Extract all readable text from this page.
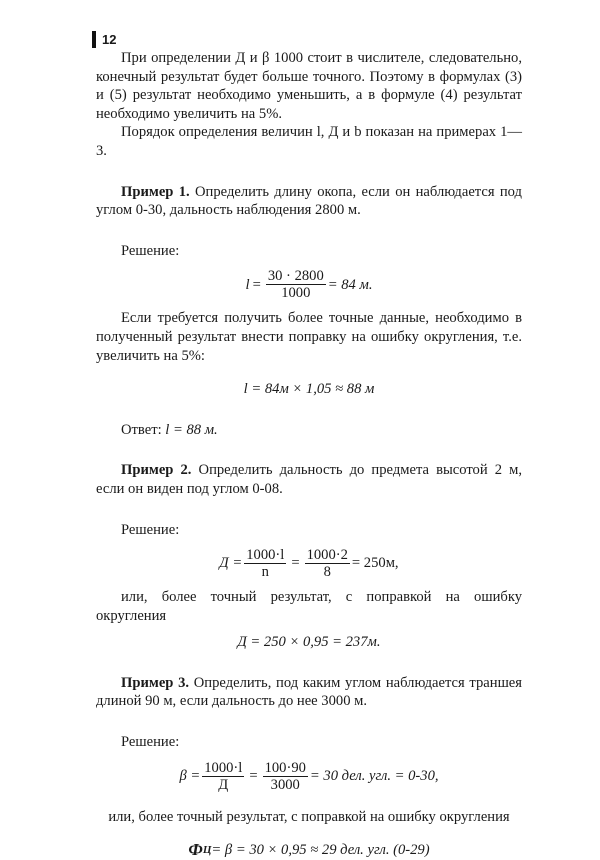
12

При определении Д и β 1000 стоит в числителе, следовательно, конечный результат будет больше точного. Поэтому в формулах (3) и (5) результат необходимо уменьшить, а в формуле (4) результат необходимо увеличить на 5%.

Порядок определения величин l, Д и b показан на примерах 1—3.

Пример 1. Определить длину окопа, если он наблюдается под углом 0-30, дальность наблюдения 2800 м.

Решение:

$l = \frac{30 \cdot 2800}{1000} = 84$ м.

Если требуется получить более точные данные, необходимо в полученный результат внести поправку на ошибку округления, т.е. увеличить на 5%:

l = 84м × 1,05 ≈ 88 м

Ответ: l = 88 м.

Пример 2. Определить дальность до предмета высотой 2 м, если он виден под углом 0-08.

Решение:

$Д = \frac{1000\cdot l}{n} = \frac{1000\cdot 2}{8} = 250м$,

или, более точный результат, с поправкой на ошибку округления

Д = 250 × 0,95 = 237м.

Пример 3. Определить, под каким углом наблюдается траншея длиной 90 м, если дальность до нее 3000 м.

Решение:

$\beta = \frac{1000\cdot l}{Д} = \frac{100\cdot 90}{3000} = 30$ дел. угл. = 0-30,

или, более точный результат, с поправкой на ошибку округления

Ф Ц = β = 30 × 0,95 ≈ 29 дел. угл. (0-29)
